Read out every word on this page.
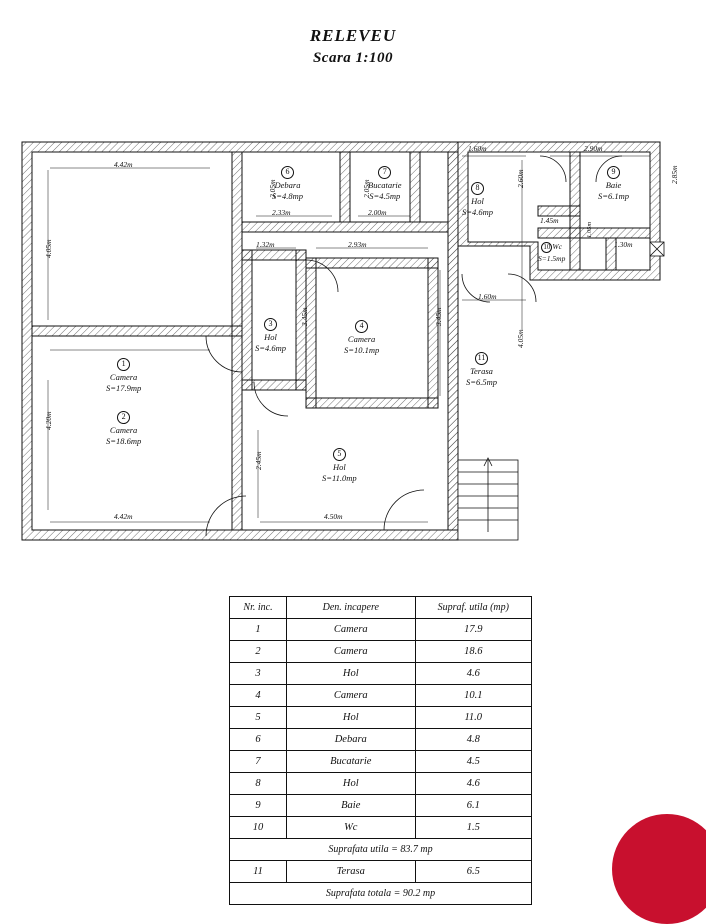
RELEVEU
Scara 1:100
1
Camera
S=17.9mp
2
Camera
S=18.6mp
3
Hol
S=4.6mp
4
Camera
S=10.1mp
5
Hol
S=11.0mp
6
Debara
S=4.8mp
7
Bucatarie
S=4.5mp
8
Hol
S=4.6mp
9
Baie
S=6.1mp
10 Wc
S=1.5mp
11
Terasa
S=6.5mp
4.42m
4.05m
2.05m
2.33m
2.05m
2.00m
1.60m	2.90m
2.85m
2.60m
1.45m
1.05m
1.30m
1.32m	2.93m
3.45m	3.45m
1.60m
4.05m
4.20m
2.45m
4.42m	4.50m
Nr. inc.	Den. incapere	Supraf. utila (mp)
1	Camera	17.9
2	Camera	18.6
3	Hol	4.6
4	Camera	10.1
5	Hol	11.0
6	Debara	4.8
7	Bucatarie	4.5
8	Hol	4.6
9	Baie	6.1
10	Wc	1.5
Suprafata utila = 83.7 mp		
11	Terasa	6.5
Suprafata totala = 90.2 mp		
